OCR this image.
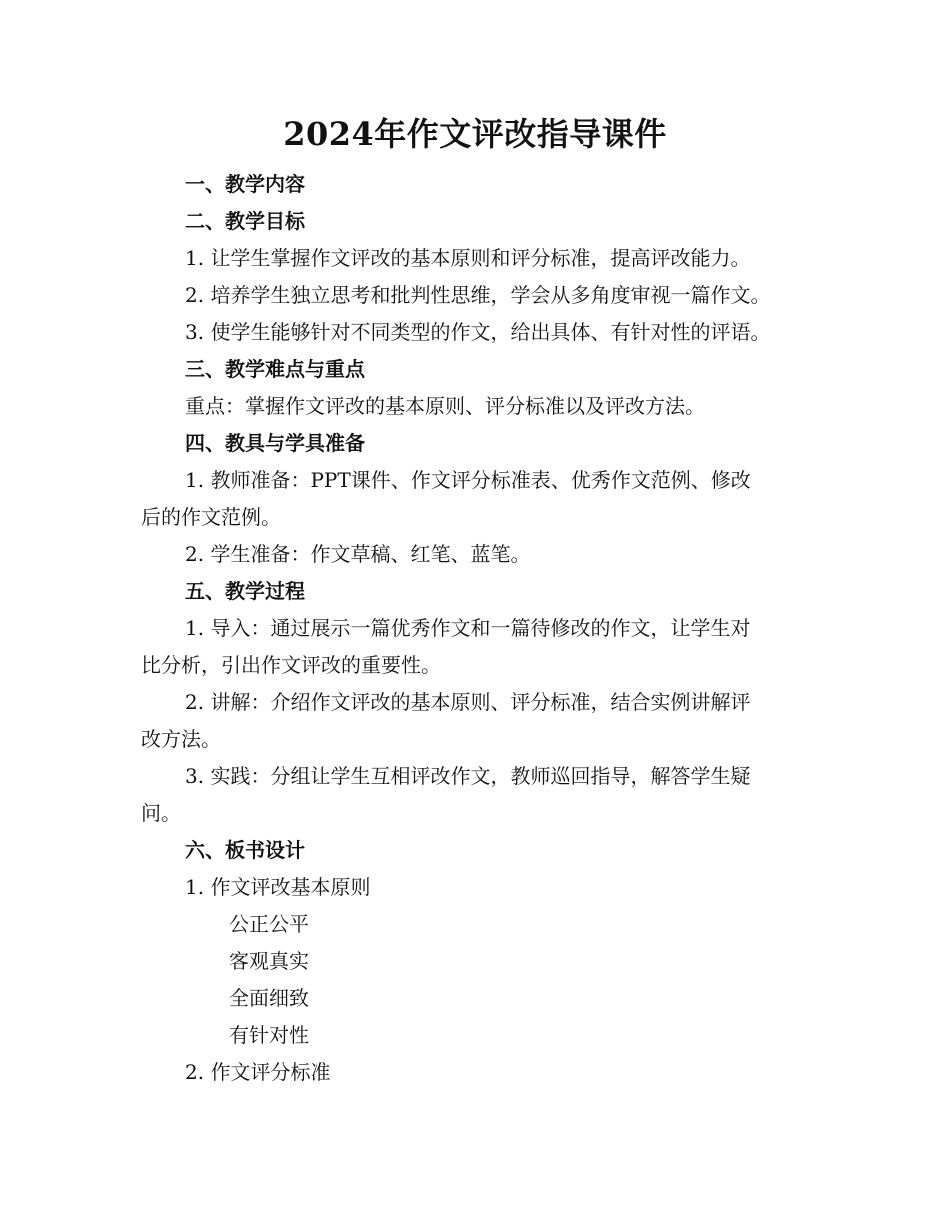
2024年作文评改指导课件

一、教学内容

二、教学目标

1. 让学生掌握作文评改的基本原则和评分标准，提高评改能力。

2. 培养学生独立思考和批判性思维，学会从多角度审视一篇作文。

3. 使学生能够针对不同类型的作文，给出具体、有针对性的评语。

三、教学难点与重点

重点：掌握作文评改的基本原则、评分标准以及评改方法。

四、教具与学具准备

1. 教师准备：PPT课件、作文评分标准表、优秀作文范例、修改

后的作文范例。

2. 学生准备：作文草稿、红笔、蓝笔。

五、教学过程

1. 导入：通过展示一篇优秀作文和一篇待修改的作文，让学生对

比分析，引出作文评改的重要性。

2. 讲解：介绍作文评改的基本原则、评分标准，结合实例讲解评

改方法。

3. 实践：分组让学生互相评改作文，教师巡回指导，解答学生疑

问。

六、板书设计

1. 作文评改基本原则

公正公平

客观真实

全面细致

有针对性

2. 作文评分标准
